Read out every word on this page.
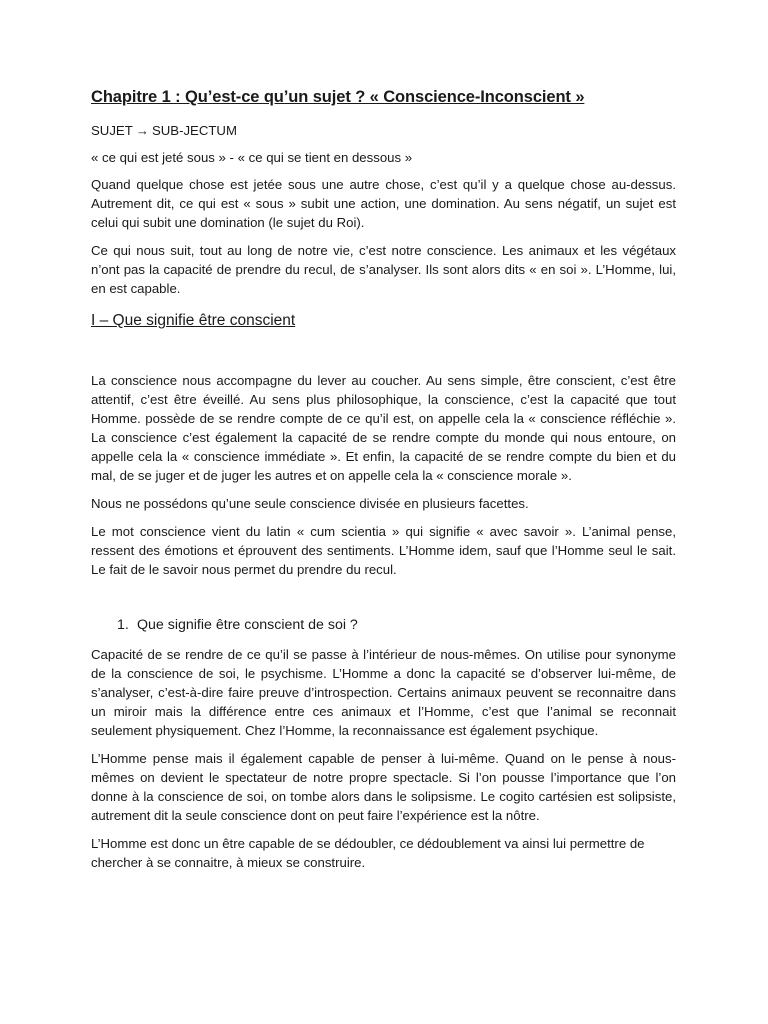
Chapitre 1 : Qu’est-ce qu’un sujet ? « Conscience-Inconscient »
SUJET → SUB-JECTUM
« ce qui est jeté sous » - « ce qui se tient en dessous »

Quand quelque chose est jetée sous une autre chose, c’est qu’il y a quelque chose au-dessus. Autrement dit, ce qui est « sous » subit une action, une domination. Au sens négatif, un sujet est celui qui subit une domination (le sujet du Roi).

Ce qui nous suit, tout au long de notre vie, c’est notre conscience. Les animaux et les végétaux n’ont pas la capacité de prendre du recul, de s’analyser. Ils sont alors dits « en soi ». L’Homme, lui, en est capable.

I – Que signifie être conscient

La conscience nous accompagne du lever au coucher. Au sens simple, être conscient, c’est être attentif, c’est être éveillé. Au sens plus philosophique, la conscience, c’est la capacité que tout Homme. possède de se rendre compte de ce qu’il est, on appelle cela la « conscience réfléchie ». La conscience c’est également la capacité de se rendre compte du monde qui nous entoure, on appelle cela la « conscience immédiate ». Et enfin, la capacité de se rendre compte du bien et du mal, de se juger et de juger les autres et on appelle cela la « conscience morale ».

Nous ne possédons qu’une seule conscience divisée en plusieurs facettes.

Le mot conscience vient du latin « cum scientia » qui signifie « avec savoir ». L’animal pense, ressent des émotions et éprouvent des sentiments. L’Homme idem, sauf que l’Homme seul le sait. Le fait de le savoir nous permet du prendre du recul.

1. Que signifie être conscient de soi ?

Capacité de se rendre de ce qu’il se passe à l’intérieur de nous-mêmes. On utilise pour synonyme de la conscience de soi, le psychisme. L’Homme a donc la capacité se d’observer lui-même, de s’analyser, c’est-à-dire faire preuve d’introspection. Certains animaux peuvent se reconnaitre dans un miroir mais la différence entre ces animaux et l’Homme, c’est que l’animal se reconnait seulement physiquement. Chez l’Homme, la reconnaissance est également psychique.

L’Homme pense mais il également capable de penser à lui-même. Quand on le pense à nous-mêmes on devient le spectateur de notre propre spectacle. Si l’on pousse l’importance que l’on donne à la conscience de soi, on tombe alors dans le solipsisme. Le cogito cartésien est solipsiste, autrement dit la seule conscience dont on peut faire l’expérience est la nôtre.

L’Homme est donc un être capable de se dédoubler, ce dédoublement va ainsi lui permettre de chercher à se connaitre, à mieux se construire.
